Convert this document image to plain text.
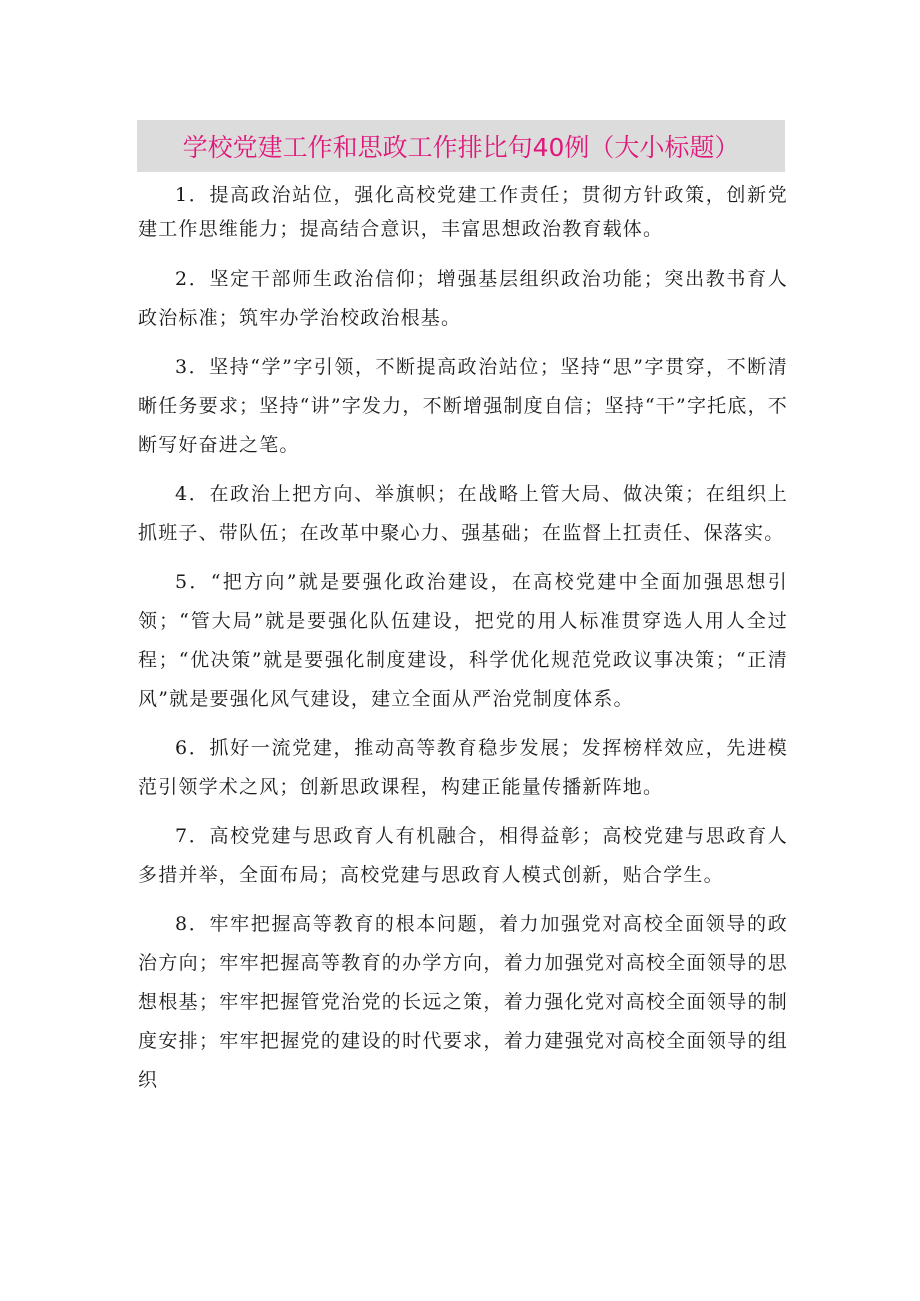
学校党建工作和思政工作排比句40例（大小标题）

1．提高政治站位，强化高校党建工作责任；贯彻方针政策，创新党建工作思维能力；提高结合意识，丰富思想政治教育载体。

2．坚定干部师生政治信仰；增强基层组织政治功能；突出教书育人政治标准；筑牢办学治校政治根基。

3．坚持“学”字引领，不断提高政治站位；坚持“思”字贯穿，不断清晰任务要求；坚持“讲”字发力，不断增强制度自信；坚持“干”字托底，不断写好奋进之笔。

4．在政治上把方向、举旗帜；在战略上管大局、做决策；在组织上抓班子、带队伍；在改革中聚心力、强基础；在监督上扛责任、保落实。

5．“把方向”就是要强化政治建设，在高校党建中全面加强思想引领；“管大局”就是要强化队伍建设，把党的用人标准贯穿选人用人全过程；“优决策”就是要强化制度建设，科学优化规范党政议事决策；“正清风”就是要强化风气建设，建立全面从严治党制度体系。

6．抓好一流党建，推动高等教育稳步发展；发挥榜样效应，先进模范引领学术之风；创新思政课程，构建正能量传播新阵地。

7．高校党建与思政育人有机融合，相得益彰；高校党建与思政育人多措并举，全面布局；高校党建与思政育人模式创新，贴合学生。

8．牢牢把握高等教育的根本问题，着力加强党对高校全面领导的政治方向；牢牢把握高等教育的办学方向，着力加强党对高校全面领导的思想根基；牢牢把握管党治党的长远之策，着力强化党对高校全面领导的制度安排；牢牢把握党的建设的时代要求，着力建强党对高校全面领导的组织
